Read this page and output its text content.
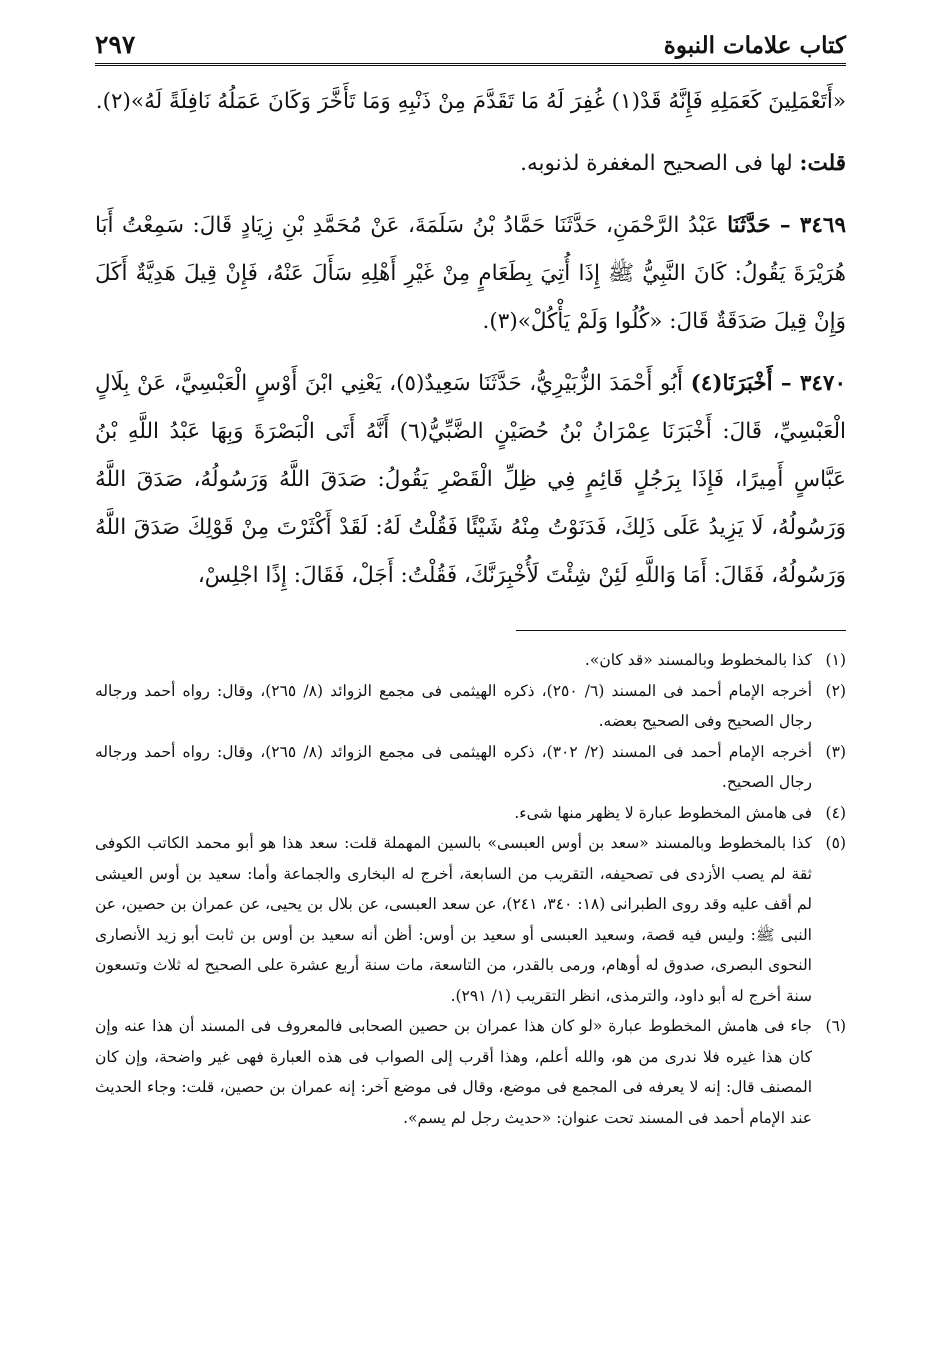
كتاب علامات النبوة
٢٩٧

«أَتَعْمَلِينَ كَعَمَلِهِ فَإِنَّهُ قَدْ(١) غُفِرَ لَهُ مَا تَقَدَّمَ مِنْ ذَنْبِهِ وَمَا تَأَخَّرَ وَكَانَ عَمَلُهُ نَافِلَةً لَهُ»(٢).

قلت: لها فى الصحيح المغفرة لذنوبه.

٣٤٦٩ – حَدَّثَنَا عَبْدُ الرَّحْمَنِ، حَدَّثَنَا حَمَّادُ بْنُ سَلَمَةَ، عَنْ مُحَمَّدِ بْنِ زِيَادٍ قَالَ: سَمِعْتُ أَبَا هُرَيْرَةَ يَقُولُ: كَانَ النَّبِيُّ ﷺ إِذَا أُتِيَ بِطَعَامٍ مِنْ غَيْرِ أَهْلِهِ سَأَلَ عَنْهُ، فَإِنْ قِيلَ هَدِيَّةٌ أَكَلَ وَإِنْ قِيلَ صَدَقَةٌ قَالَ: «كُلُوا وَلَمْ يَأْكُلْ»(٣).

٣٤٧٠ – أَخْبَرَنَا(٤) أَبُو أَحْمَدَ الزُّبَيْرِيُّ، حَدَّثَنَا سَعِيدٌ(٥)، يَعْنِي ابْنَ أَوْسٍ الْعَبْسِيَّ، عَنْ بِلَالٍ الْعَبْسِيِّ، قَالَ: أَخْبَرَنَا عِمْرَانُ بْنُ حُصَيْنٍ الضَّبِّيُّ(٦) أَنَّهُ أَتَى الْبَصْرَةَ وَبِهَا عَبْدُ اللَّهِ بْنُ عَبَّاسٍ أَمِيرًا، فَإِذَا بِرَجُلٍ قَائِمٍ فِي ظِلِّ الْقَصْرِ يَقُولُ: صَدَقَ اللَّهُ وَرَسُولُهُ، صَدَقَ اللَّهُ وَرَسُولُهُ، لَا يَزِيدُ عَلَى ذَلِكَ، فَدَنَوْتُ مِنْهُ شَيْئًا فَقُلْتُ لَهُ: لَقَدْ أَكْثَرْتَ مِنْ قَوْلِكَ صَدَقَ اللَّهُ وَرَسُولُهُ، فَقَالَ: أَمَا وَاللَّهِ لَئِنْ شِئْتَ لَأُخْبِرَنَّكَ، فَقُلْتُ: أَجَلْ، فَقَالَ: إِذًا اجْلِسْ،

(١)
كذا بالمخطوط وبالمسند «قد كان».
(٢)
أخرجه الإمام أحمد فى المسند (٦/ ٢٥٠)، ذكره الهيثمى فى مجمع الزوائد (٨/ ٢٦٥)، وقال: رواه أحمد ورجاله رجال الصحيح وفى الصحيح بعضه.
(٣)
أخرجه الإمام أحمد فى المسند (٢/ ٣٠٢)، ذكره الهيثمى فى مجمع الزوائد (٨/ ٢٦٥)، وقال: رواه أحمد ورجاله رجال الصحيح.
(٤)
فى هامش المخطوط عبارة لا يظهر منها شىء.
(٥)
كذا بالمخطوط وبالمسند «سعد بن أوس العبسى» بالسين المهملة قلت: سعد هذا هو أبو محمد الكاتب الكوفى ثقة لم يصب الأزدى فى تصحيفه، التقريب من السابعة، أخرج له البخارى والجماعة وأما: سعيد بن أوس العيشى لم أقف عليه وقد روى الطبرانى (١٨: ٣٤٠، ٢٤١)، عن سعد العبسى، عن بلال بن يحيى، عن عمران بن حصين، عن النبى ﷺ: وليس فيه قصة، وسعيد العبسى أو سعيد بن أوس: أظن أنه سعيد بن أوس بن ثابت أبو زيد الأنصارى النحوى البصرى، صدوق له أوهام، ورمى بالقدر، من التاسعة، مات سنة أربع عشرة على الصحيح له ثلاث وتسعون سنة أخرج له أبو داود، والترمذى، انظر التقريب (١/ ٢٩١).
(٦)
جاء فى هامش المخطوط عبارة «لو كان هذا عمران بن حصين الصحابى فالمعروف فى المسند أن هذا عنه وإن كان هذا غيره فلا ندرى من هو، والله أعلم، وهذا أقرب إلى الصواب فى هذه العبارة فهى غير واضحة، وإن كان المصنف قال: إنه لا يعرفه فى المجمع فى موضع، وقال فى موضع آخر: إنه عمران بن حصين، قلت: وجاء الحديث عند الإمام أحمد فى المسند تحت عنوان: «حديث رجل لم يسم».
